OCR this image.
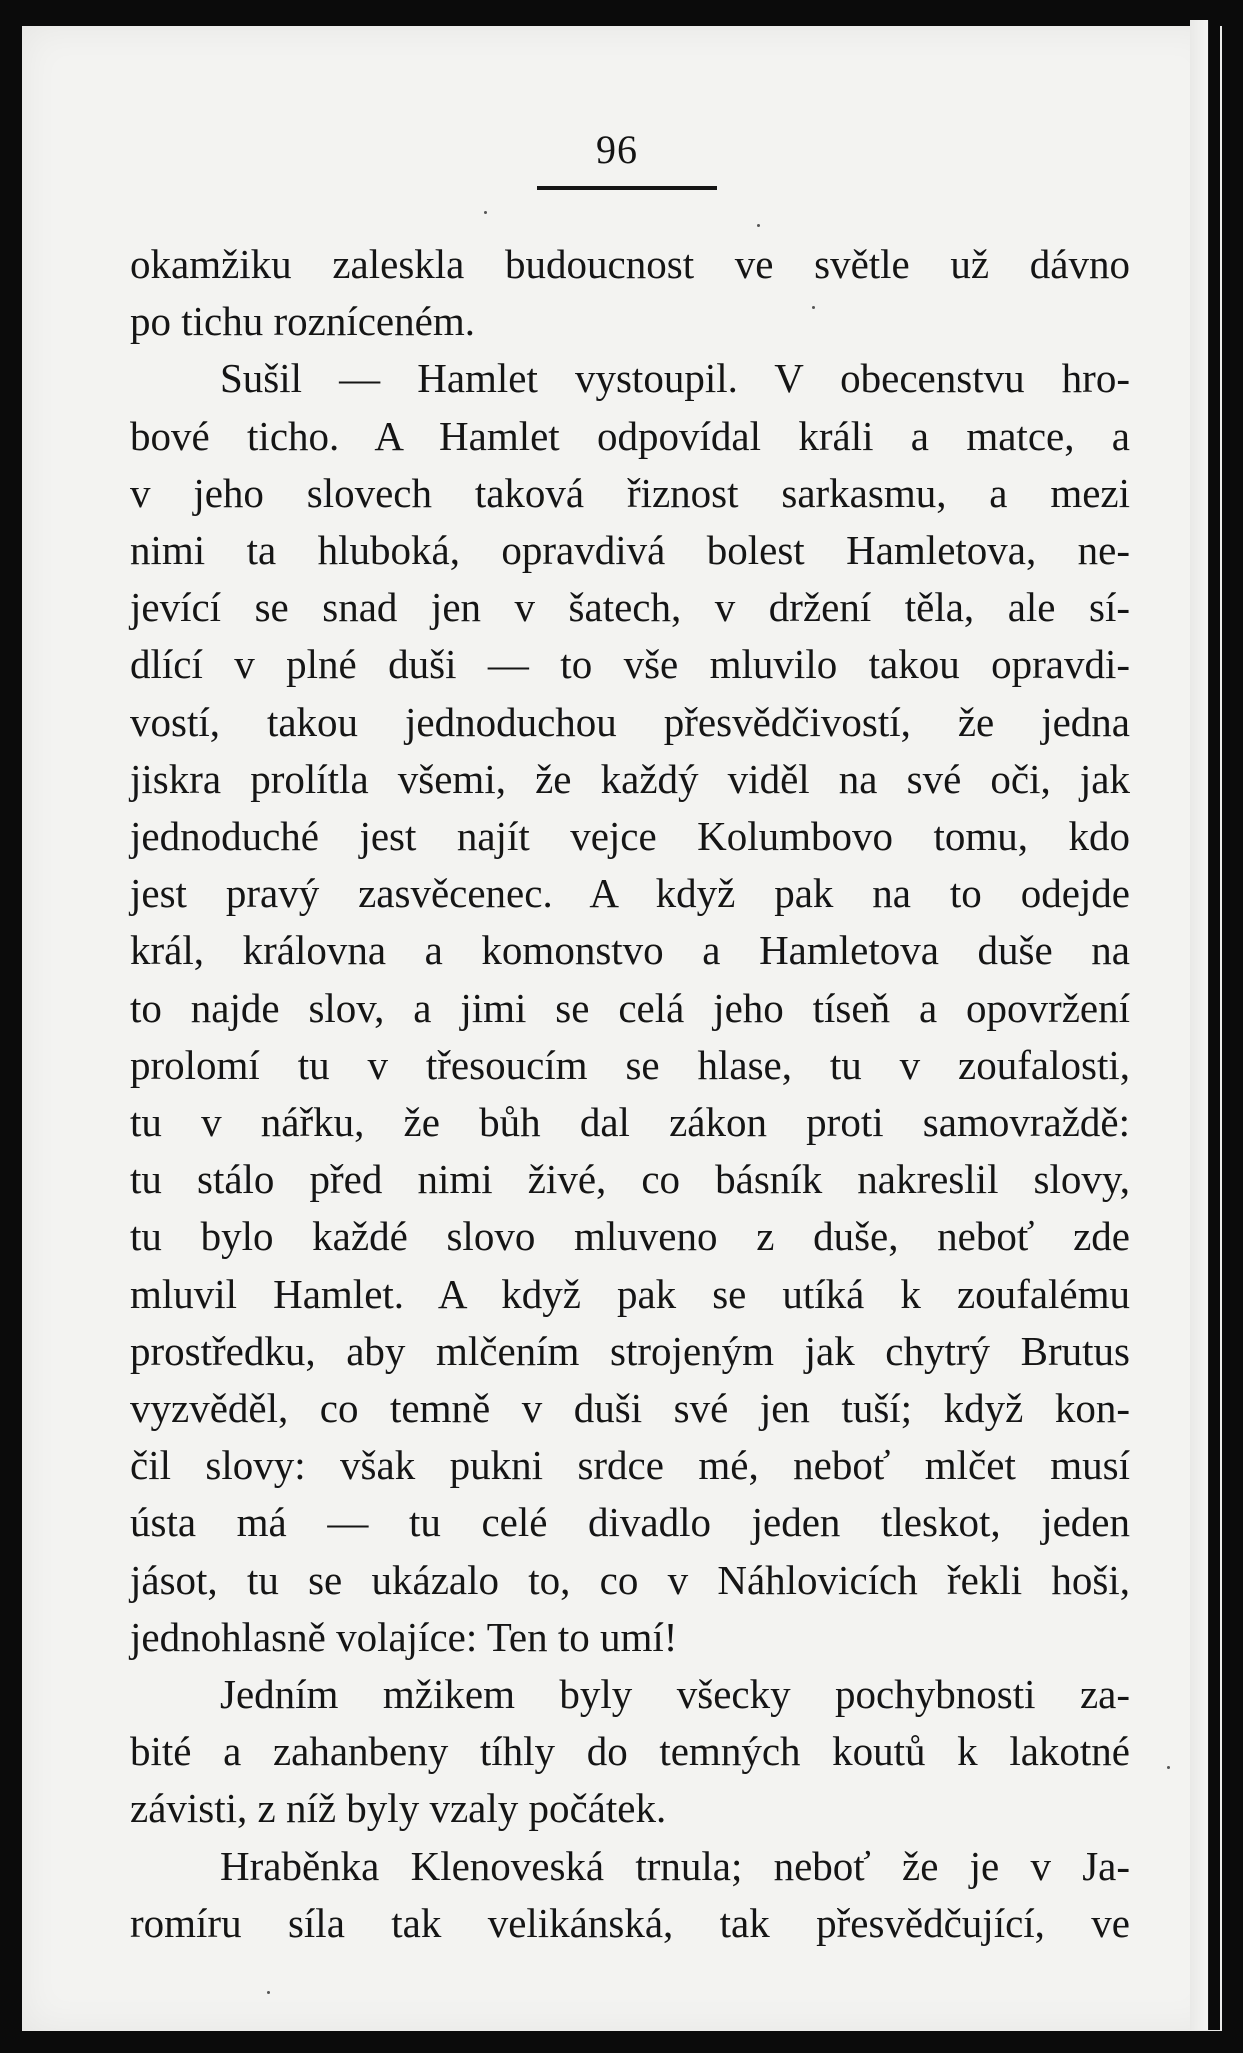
96
okamžiku zaleskla budoucnost ve světle už dávno
po tichu rozníceném.
Sušil — Hamlet vystoupil. V obecenstvu hro-
bové ticho. A Hamlet odpovídal králi a matce, a
v jeho slovech taková řiznost sarkasmu, a mezi
nimi ta hluboká, opravdivá bolest Hamletova, ne-
jevící se snad jen v šatech, v držení těla, ale sí-
dlící v plné duši — to vše mluvilo takou opravdi-
vostí, takou jednoduchou přesvědčivostí, že jedna
jiskra prolítla všemi, že každý viděl na své oči, jak
jednoduché jest najít vejce Kolumbovo tomu, kdo
jest pravý zasvěcenec. A když pak na to odejde
král, královna a komonstvo a Hamletova duše na
to najde slov, a jimi se celá jeho tíseň a opovržení
prolomí tu v třesoucím se hlase, tu v zoufalosti,
tu v nářku, že bůh dal zákon proti samovraždě:
tu stálo před nimi živé, co básník nakreslil slovy,
tu bylo každé slovo mluveno z duše, neboť zde
mluvil Hamlet. A když pak se utíká k zoufalému
prostředku, aby mlčením strojeným jak chytrý Brutus
vyzvěděl, co temně v duši své jen tuší; když kon-
čil slovy: však pukni srdce mé, neboť mlčet musí
ústa má — tu celé divadlo jeden tleskot, jeden
jásot, tu se ukázalo to, co v Náhlovicích řekli hoši,
jednohlasně volajíce: Ten to umí!
Jedním mžikem byly všecky pochybnosti za-
bité a zahanbeny tíhly do temných koutů k lakotné
závisti, z níž byly vzaly počátek.
Hraběnka Klenoveská trnula; neboť že je v Ja-
romíru síla tak velikánská, tak přesvědčující, ve
